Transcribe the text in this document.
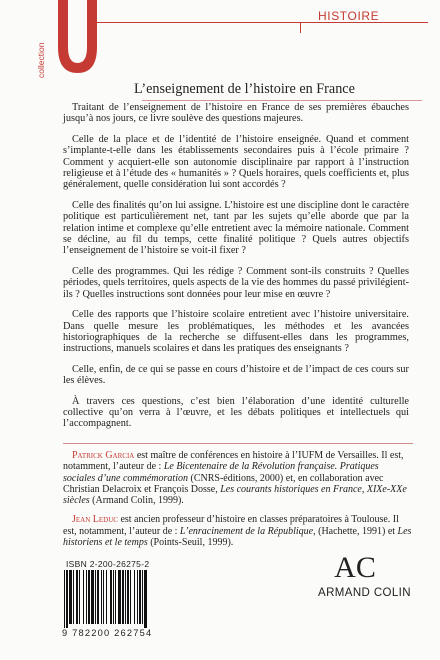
collection
HISTOIRE
L’enseignement de l’histoire en France

Traitant de l’enseignement de l’histoire en France de ses premières ébauches jusqu’à nos jours, ce livre soulève des questions majeures.

Celle de la place et de l’identité de l’histoire enseignée. Quand et comment s’implante-t-elle dans les établissements secondaires puis à l’école primaire ? Comment y acquiert-elle son autonomie disciplinaire par rapport à l’instruction religieuse et à l’étude des « humanités » ? Quels horaires, quels coefficients et, plus généralement, quelle considération lui sont accordés ?

Celle des finalités qu’on lui assigne. L’histoire est une discipline dont le caractère politique est particulièrement net, tant par les sujets qu’elle aborde que par la relation intime et complexe qu’elle entretient avec la mémoire nationale. Comment se décline, au fil du temps, cette finalité politique ? Quels autres objectifs l’enseignement de l’histoire se voit-il fixer ?

Celle des programmes. Qui les rédige ? Comment sont-ils construits ? Quelles périodes, quels territoires, quels aspects de la vie des hommes du passé privilégient-ils ? Quelles instructions sont données pour leur mise en œuvre ?

Celle des rapports que l’histoire scolaire entretient avec l’histoire universitaire. Dans quelle mesure les problématiques, les méthodes et les avancées historiographiques de la recherche se diffusent-elles dans les programmes, instructions, manuels scolaires et dans les pratiques des enseignants ?

Celle, enfin, de ce qui se passe en cours d’histoire et de l’impact de ces cours sur les élèves.

À travers ces questions, c’est bien l’élaboration d’une identité culturelle collective qu’on verra à l’œuvre, et les débats politiques et intellectuels qui l’accompagnent.

Patrick Garcia est maître de conférences en histoire à l’IUFM de Versailles. Il est, notamment, l’auteur de : Le Bicentenaire de la Révolution française. Pratiques sociales d’une commémoration (CNRS-éditions, 2000) et, en collaboration avec Christian Delacroix et François Dosse, Les courants historiques en France, XIXe-XXe siècles (Armand Colin, 1999).

Jean Leduc est ancien professeur d’histoire en classes préparatoires à Toulouse. Il est, notamment, l’auteur de : L’enracinement de la République, (Hachette, 1991) et Les historiens et le temps (Points-Seuil, 1999).

ISBN 2-200-26275-2
9 782200 262754
AC
ARMAND COLIN
